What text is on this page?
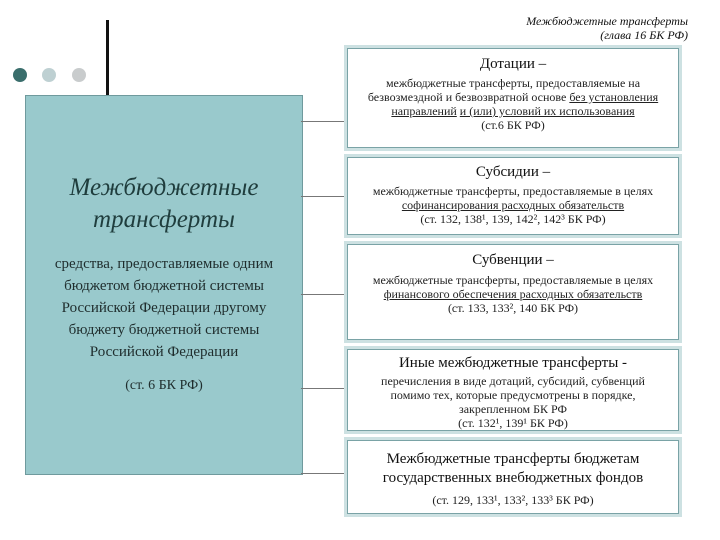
Межбюджетные трансферты
(глава 16 БК РФ)
Межбюджетные трансферты
средства, предоставляемые одним бюджетом бюджетной системы Российской Федерации другому бюджету бюджетной системы Российской Федерации
(ст. 6 БК РФ)
Дотации –
межбюджетные трансферты, предоставляемые на безвозмездной и безвозвратной основе без установления направлений и (или) условий их использования
(ст.6 БК РФ)
Субсидии –
межбюджетные трансферты, предоставляемые в целях софинансирования расходных обязательств
(ст. 132, 138¹, 139, 142², 142³ БК РФ)
Субвенции –
межбюджетные трансферты, предоставляемые в целях финансового обеспечения расходных обязательств
(ст. 133, 133², 140 БК РФ)
Иные межбюджетные трансферты -
перечисления в виде дотаций, субсидий, субвенций помимо тех, которые предусмотрены в порядке, закрепленном БК РФ
(ст. 132¹, 139¹ БК РФ)
Межбюджетные трансферты бюджетам государственных внебюджетных фондов
(ст. 129, 133¹, 133², 133³ БК РФ)
